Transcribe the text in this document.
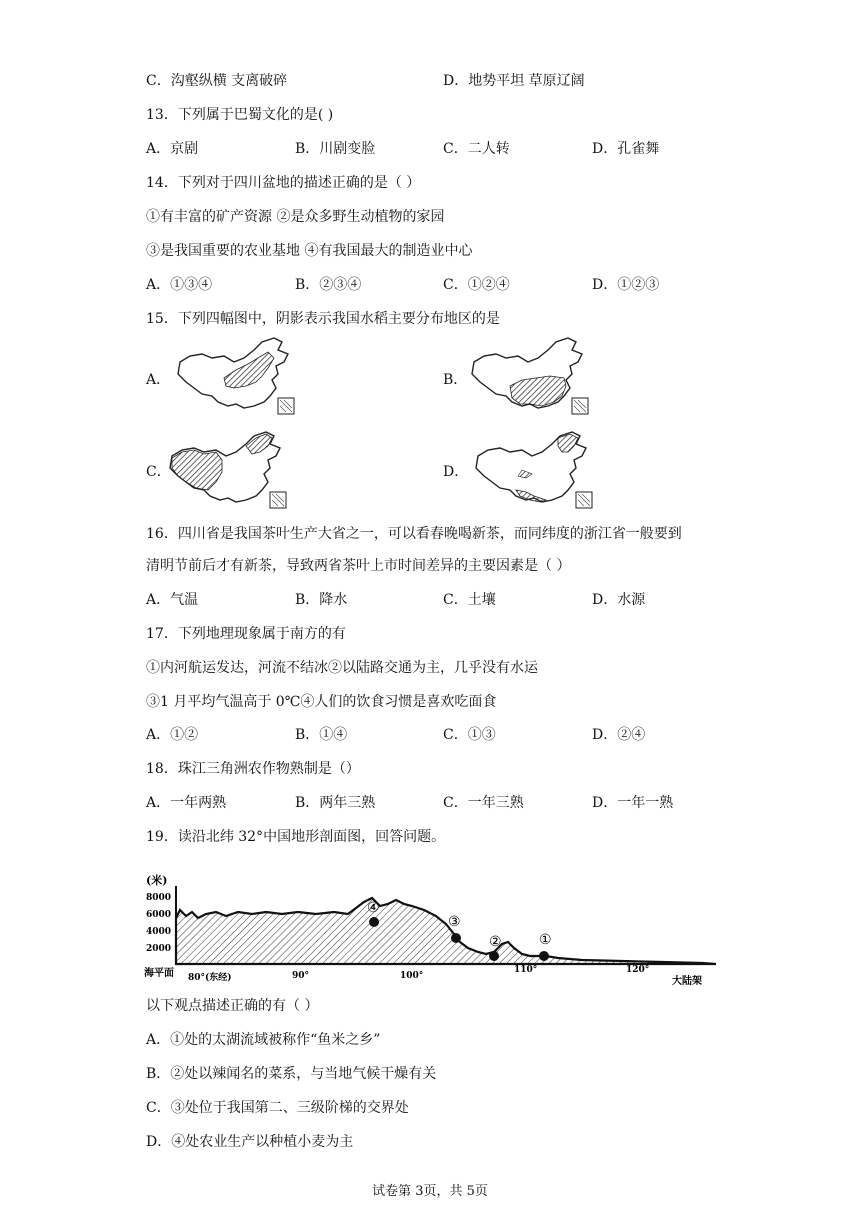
C．沟壑纵横 支离破碎	D．地势平坦 草原辽阔
13．下列属于巴蜀文化的是( )
A．京剧	B．川剧变脸	C．二人转	D．孔雀舞
14．下列对于四川盆地的描述正确的是（ ）
①有丰富的矿产资源 ②是众多野生动植物的家园
③是我国重要的农业基地 ④有我国最大的制造业中心
A．①③④	B．②③④	C．①②④	D．①②③
15．下列四幅图中，阴影表示我国水稻主要分布地区的是
A．	B．
C．	D．
16．四川省是我国茶叶生产大省之一，可以看春晚喝新茶，而同纬度的浙江省一般要到
清明节前后才有新茶，导致两省茶叶上市时间差异的主要因素是（ ）
A．气温	B．降水	C．土壤	D．水源
17．下列地理现象属于南方的有
①内河航运发达，河流不结冰②以陆路交通为主，几乎没有水运
③1 月平均气温高于 0℃④人们的饮食习惯是喜欢吃面食
A．①②	B．①④	C．①③	D．②④
18．珠江三角洲农作物熟制是（）
A．一年两熟	B．两年三熟	C．一年三熟	D．一年一熟
19．读沿北纬 32°中国地形剖面图，回答问题。
(米)
8000
6000
4000
2000
④
③
②	①
海平面 80°(东经)	90°	100°
110°	120°
大陆架
以下观点描述正确的有（ ）
A．①处的太湖流域被称作“鱼米之乡”
B．②处以辣闻名的菜系，与当地气候干燥有关
C．③处位于我国第二、三级阶梯的交界处
D．④处农业生产以种植小麦为主
试卷第 3页，共 5页
